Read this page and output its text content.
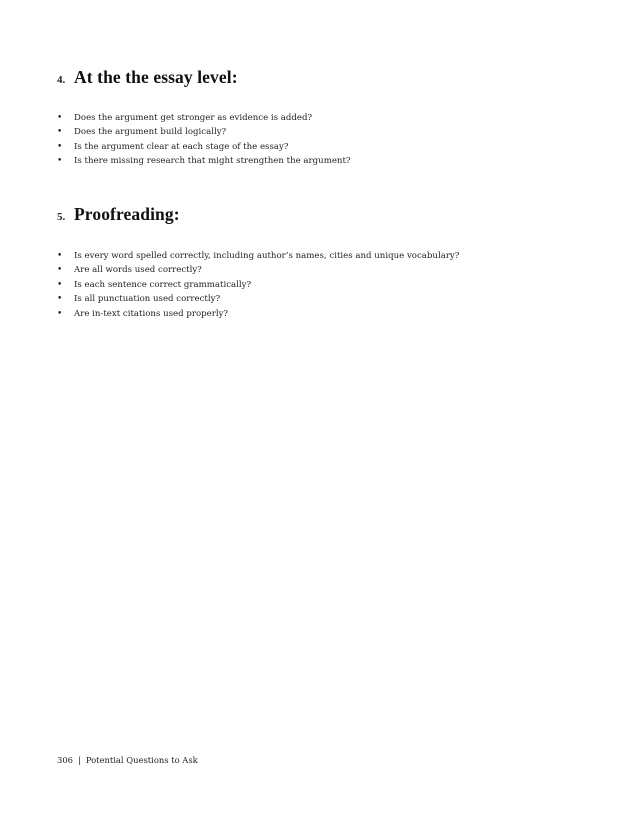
4. At the the essay level:
•	Does the argument get stronger as evidence is added?
•	Does the argument build logically?
•	Is the argument clear at each stage of the essay?
•	Is there missing research that might strengthen the argument?
5. Proofreading:
•	Is every word spelled correctly, including author’s names, cities and unique vocabulary?
•	Are all words used correctly?
•	Is each sentence correct grammatically?
•	Is all punctuation used correctly?
•	Are in-text citations used properly?
306 | Potential Questions to Ask
